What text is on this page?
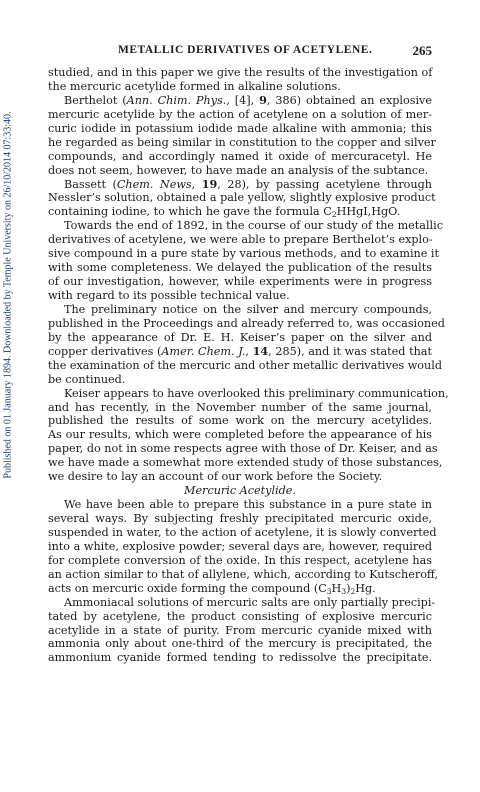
Published on 01 January 1894. Downloaded by Temple University on 26/10/2014 07:33:40.
METALLIC DERIVATIVES OF ACETYLENE.	265
studied, and in this paper we give the results of the investigation of
the mercuric acetylide formed in alkaline solutions.
Berthelot (Ann. Chim. Phys., [4], 9, 386) obtained an explosive
mercuric acetylide by the action of acetylene on a solution of mer-
curic iodide in potassium iodide made alkaline with ammonia; this
he regarded as being similar in constitution to the copper and silver
compounds, and accordingly named it oxide of mercuracetyl. He
does not seem, however, to have made an analysis of the subtance.
Bassett (Chem. News, 19, 28), by passing acetylene through
Nessler’s solution, obtained a pale yellow, slightly explosive product
containing iodine, to which he gave the formula $C_2HHgI,HgO$.
Towards the end of 1892, in the course of our study of the metallic
derivatives of acetylene, we were able to prepare Berthelot’s explo-
sive compound in a pure state by various methods, and to examine it
with some completeness. We delayed the publication of the results
of our investigation, however, while experiments were in progress
with regard to its possible technical value.
The preliminary notice on the silver and mercury compounds,
published in the Proceedings and already referred to, was occasioned
by the appearance of Dr. E. H. Keiser’s paper on the silver and
copper derivatives (Amer. Chem. J., 14, 285), and it was stated that
the examination of the mercuric and other metallic derivatives would
be continued.
Keiser appears to have overlooked this preliminary communication,
and has recently, in the November number of the same journal,
published the results of some work on the mercury acetylides.
As our results, which were completed before the appearance of his
paper, do not in some respects agree with those of Dr. Keiser, and as
we have made a somewhat more extended study of those substances,
we desire to lay an account of our work before the Society.
Mercuric Acetylide.
We have been able to prepare this substance in a pure state in
several ways. By subjecting freshly precipitated mercuric oxide,
suspended in water, to the action of acetylene, it is slowly converted
into a white, explosive powder; several days are, however, required
for complete conversion of the oxide. In this respect, acetylene has
an action similar to that of allylene, which, according to Kutscheroff,
acts on mercuric oxide forming the compound $(C_3H_3)_2Hg$.
Ammoniacal solutions of mercuric salts are only partially precipi-
tated by acetylene, the product consisting of explosive mercuric
acetylide in a state of purity. From mercuric cyanide mixed with
ammonia only about one-third of the mercury is precipitated, the
ammonium cyanide formed tending to redissolve the precipitate.
